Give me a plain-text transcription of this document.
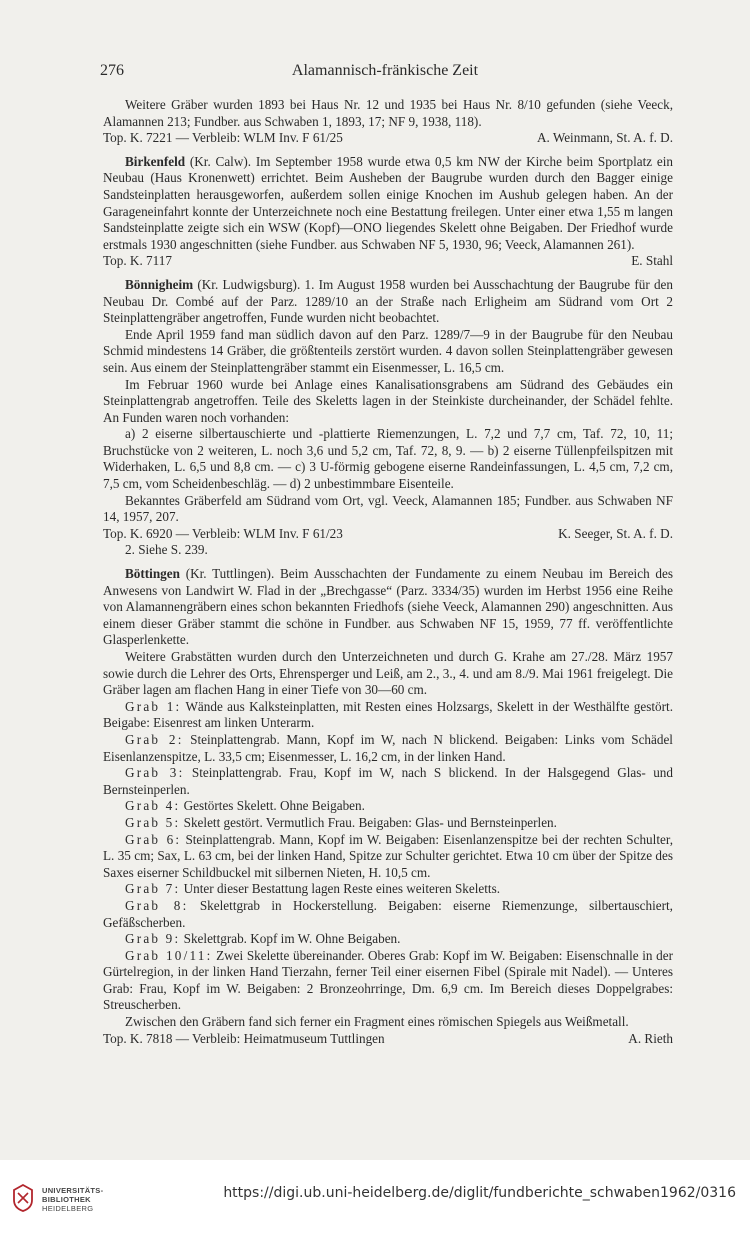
276	Alamannisch-fränkische Zeit

Weitere Gräber wurden 1893 bei Haus Nr. 12 und 1935 bei Haus Nr. 8/10 gefunden (siehe Veeck, Alamannen 213; Fundber. aus Schwaben 1, 1893, 17; NF 9, 1938, 118).

Top. K. 7221 — Verbleib: WLM Inv. F 61/25	A. Weinmann, St. A. f. D.

Birkenfeld (Kr. Calw). Im September 1958 wurde etwa 0,5 km NW der Kirche beim Sportplatz ein Neubau (Haus Kronenwett) errichtet. Beim Ausheben der Baugrube wurden durch den Bagger einige Sandsteinplatten herausgeworfen, außerdem sollen einige Knochen im Aushub gelegen haben. An der Garageneinfahrt konnte der Unterzeichnete noch eine Bestattung freilegen. Unter einer etwa 1,55 m langen Sandsteinplatte zeigte sich ein WSW (Kopf)—ONO liegendes Skelett ohne Beigaben. Der Friedhof wurde erstmals 1930 angeschnitten (siehe Fundber. aus Schwaben NF 5, 1930, 96; Veeck, Alamannen 261).

Top. K. 7117	E. Stahl

Bönnigheim (Kr. Ludwigsburg). 1. Im August 1958 wurden bei Ausschachtung der Baugrube für den Neubau Dr. Combé auf der Parz. 1289/10 an der Straße nach Erligheim am Südrand vom Ort 2 Steinplattengräber angetroffen, Funde wurden nicht beobachtet.

Ende April 1959 fand man südlich davon auf den Parz. 1289/7—9 in der Baugrube für den Neubau Schmid mindestens 14 Gräber, die größtenteils zerstört wurden. 4 davon sollen Steinplattengräber gewesen sein. Aus einem der Steinplattengräber stammt ein Eisenmesser, L. 16,5 cm.

Im Februar 1960 wurde bei Anlage eines Kanalisationsgrabens am Südrand des Gebäudes ein Steinplattengrab angetroffen. Teile des Skeletts lagen in der Steinkiste durcheinander, der Schädel fehlte. An Funden waren noch vorhanden:

a) 2 eiserne silbertauschierte und -plattierte Riemenzungen, L. 7,2 und 7,7 cm, Taf. 72, 10, 11; Bruchstücke von 2 weiteren, L. noch 3,6 und 5,2 cm, Taf. 72, 8, 9. — b) 2 eiserne Tüllenpfeilspitzen mit Widerhaken, L. 6,5 und 8,8 cm. — c) 3 U-förmig gebogene eiserne Randeinfassungen, L. 4,5 cm, 7,2 cm, 7,5 cm, vom Scheidenbeschläg. — d) 2 unbestimmbare Eisenteile.

Bekanntes Gräberfeld am Südrand vom Ort, vgl. Veeck, Alamannen 185; Fundber. aus Schwaben NF 14, 1957, 207.

Top. K. 6920 — Verbleib: WLM Inv. F 61/23	K. Seeger, St. A. f. D.

2. Siehe S. 239.

Böttingen (Kr. Tuttlingen). Beim Ausschachten der Fundamente zu einem Neubau im Bereich des Anwesens von Landwirt W. Flad in der „Brechgasse“ (Parz. 3334/35) wurden im Herbst 1956 eine Reihe von Alamannengräbern eines schon bekannten Friedhofs (siehe Veeck, Alamannen 290) angeschnitten. Aus einem dieser Gräber stammt die schöne in Fundber. aus Schwaben NF 15, 1959, 77 ff. veröffentlichte Glasperlenkette.

Weitere Grabstätten wurden durch den Unterzeichneten und durch G. Krahe am 27./28. März 1957 sowie durch die Lehrer des Orts, Ehrensperger und Leiß, am 2., 3., 4. und am 8./9. Mai 1961 freigelegt. Die Gräber lagen am flachen Hang in einer Tiefe von 30—60 cm.

Grab 1: Wände aus Kalksteinplatten, mit Resten eines Holzsargs, Skelett in der Westhälfte gestört. Beigabe: Eisenrest am linken Unterarm.

Grab 2: Steinplattengrab. Mann, Kopf im W, nach N blickend. Beigaben: Links vom Schädel Eisenlanzenspitze, L. 33,5 cm; Eisenmesser, L. 16,2 cm, in der linken Hand.

Grab 3: Steinplattengrab. Frau, Kopf im W, nach S blickend. In der Halsgegend Glas- und Bernsteinperlen.

Grab 4: Gestörtes Skelett. Ohne Beigaben.

Grab 5: Skelett gestört. Vermutlich Frau. Beigaben: Glas- und Bernsteinperlen.

Grab 6: Steinplattengrab. Mann, Kopf im W. Beigaben: Eisenlanzenspitze bei der rechten Schulter, L. 35 cm; Sax, L. 63 cm, bei der linken Hand, Spitze zur Schulter gerichtet. Etwa 10 cm über der Spitze des Saxes eiserner Schildbuckel mit silbernen Nieten, H. 10,5 cm.

Grab 7: Unter dieser Bestattung lagen Reste eines weiteren Skeletts.

Grab 8: Skelettgrab in Hockerstellung. Beigaben: eiserne Riemenzunge, silbertauschiert, Gefäßscherben.

Grab 9: Skelettgrab. Kopf im W. Ohne Beigaben.

Grab 10/11: Zwei Skelette übereinander. Oberes Grab: Kopf im W. Beigaben: Eisenschnalle in der Gürtelregion, in der linken Hand Tierzahn, ferner Teil einer eisernen Fibel (Spirale mit Nadel). — Unteres Grab: Frau, Kopf im W. Beigaben: 2 Bronzeohrringe, Dm. 6,9 cm. Im Bereich dieses Doppelgrabes: Streuscherben.

Zwischen den Gräbern fand sich ferner ein Fragment eines römischen Spiegels aus Weißmetall.

Top. K. 7818 — Verbleib: Heimatmuseum Tuttlingen	A. Rieth
UNIVERSITÄTS-
BIBLIOTHEK
HEIDELBERG
https://digi.ub.uni-heidelberg.de/diglit/fundberichte_schwaben1962/0316
